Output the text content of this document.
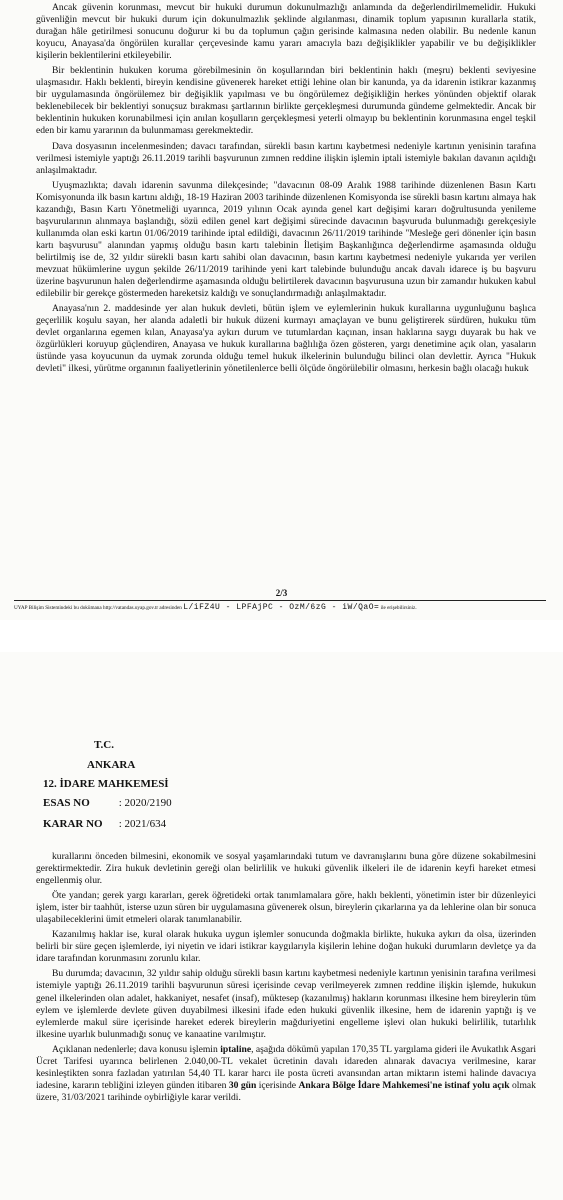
Ancak güvenin korunması, mevcut bir hukuki durumun dokunulmazlığı anlamında da değerlendirilmemelidir. Hukuki güvenliğin mevcut bir hukuki durum için dokunulmazlık şeklinde algılanması, dinamik toplum yapısının kurallarla statik, durağan hâle getirilmesi sonucunu doğurur ki bu da toplumun çağın gerisinde kalmasına neden olabilir. Bu nedenle kanun koyucu, Anayasa'da öngörülen kurallar çerçevesinde kamu yararı amacıyla bazı değişiklikler yapabilir ve bu değişiklikler kişilerin beklentilerini etkileyebilir.

Bir beklentinin hukuken koruma görebilmesinin ön koşullarından biri beklentinin haklı (meşru) beklenti seviyesine ulaşmasıdır. Haklı beklenti, bireyin kendisine güvenerek hareket ettiği lehine olan bir kanunda, ya da idarenin istikrar kazanmış bir uygulamasında öngörülemez bir değişiklik yapılması ve bu öngörülemez değişikliğin herkes yönünden objektif olarak beklenebilecek bir beklentiyi sonuçsuz bırakması şartlarının birlikte gerçekleşmesi durumunda gündeme gelmektedir. Ancak bir beklentinin hukuken korunabilmesi için anılan koşulların gerçekleşmesi yeterli olmayıp bu beklentinin korunmasına engel teşkil eden bir kamu yararının da bulunmaması gerekmektedir.

Dava dosyasının incelenmesinden; davacı tarafından, sürekli basın kartını kaybetmesi nedeniyle kartının yenisinin tarafına verilmesi istemiyle yaptığı 26.11.2019 tarihli başvurunun zımnen reddine ilişkin işlemin iptali istemiyle bakılan davanın açıldığı anlaşılmaktadır.

Uyuşmazlıkta; davalı idarenin savunma dilekçesinde; "davacının 08-09 Aralık 1988 tarihinde düzenlenen Basın Kartı Komisyonunda ilk basın kartını aldığı, 18-19 Haziran 2003 tarihinde düzenlenen Komisyonda ise sürekli basın kartını almaya hak kazandığı, Basın Kartı Yönetmeliği uyarınca, 2019 yılının Ocak ayında genel kart değişimi kararı doğrultusunda yenileme başvurularının alınmaya başlandığı, sözü edilen genel kart değişimi sürecinde davacının başvuruda bulunmadığı gerekçesiyle kullanımda olan eski kartın 01/06/2019 tarihinde iptal edildiği, davacının 26/11/2019 tarihinde "Mesleğe geri dönenler için basın kartı başvurusu" alanından yapmış olduğu basın kartı talebinin İletişim Başkanlığınca değerlendirme aşamasında olduğu belirtilmiş ise de, 32 yıldır sürekli basın kartı sahibi olan davacının, basın kartını kaybetmesi nedeniyle yukarıda yer verilen mevzuat hükümlerine uygun şekilde 26/11/2019 tarihinde yeni kart talebinde bulunduğu ancak davalı idarece iş bu başvuru üzerine başvurunun halen değerlendirme aşamasında olduğu belirtilerek davacının başvurusuna uzun bir zamandır hukuken kabul edilebilir bir gerekçe göstermeden hareketsiz kaldığı ve sonuçlandırmadığı anlaşılmaktadır.

Anayasa'nın 2. maddesinde yer alan hukuk devleti, bütün işlem ve eylemlerinin hukuk kurallarına uygunluğunu başlıca geçerlilik koşulu sayan, her alanda adaletli bir hukuk düzeni kurmayı amaçlayan ve bunu geliştirerek sürdüren, hukuku tüm devlet organlarına egemen kılan, Anayasa'ya aykırı durum ve tutumlardan kaçınan, insan haklarına saygı duyarak bu hak ve özgürlükleri koruyup güçlendiren, Anayasa ve hukuk kurallarına bağlılığa özen gösteren, yargı denetimine açık olan, yasaların üstünde yasa koyucunun da uymak zorunda olduğu temel hukuk ilkelerinin bulunduğu bilinci olan devlettir. Ayrıca "Hukuk devleti" ilkesi, yürütme organının faaliyetlerinin yönetilenlerce belli ölçüde öngörülebilir olmasını, herkesin bağlı olacağı hukuk

2/3
UYAP Bilişim Sistemindeki bu dokümana http://vatandas.uyap.gov.tr adresinden L/iFZ4U - LPFAjPC - OzM/6zG - iW/QaO= ile erişebilirsiniz.
T.C.
ANKARA
12. İDARE MAHKEMESİ
ESAS NO	: 2020/2190
KARAR NO : 2021/634

kurallarını önceden bilmesini, ekonomik ve sosyal yaşamlarındaki tutum ve davranışlarını buna göre düzene sokabilmesini gerektirmektedir. Zira hukuk devletinin gereği olan belirlilik ve hukuki güvenlik ilkeleri ile de idarenin keyfi hareket etmesi engellenmiş olur.

Öte yandan; gerek yargı kararları, gerek öğretideki ortak tanımlamalara göre, haklı beklenti, yönetimin ister bir düzenleyici işlem, ister bir taahhüt, isterse uzun süren bir uygulamasına güvenerek olsun, bireylerin çıkarlarına ya da lehlerine olan bir sonuca ulaşabileceklerini ümit etmeleri olarak tanımlanabilir.

Kazanılmış haklar ise, kural olarak hukuka uygun işlemler sonucunda doğmakla birlikte, hukuka aykırı da olsa, üzerinden belirli bir süre geçen işlemlerde, iyi niyetin ve idari istikrar kaygılarıyla kişilerin lehine doğan hukuki durumların devletçe ya da idare tarafından korunmasını zorunlu kılar.

Bu durumda; davacının, 32 yıldır sahip olduğu sürekli basın kartını kaybetmesi nedeniyle kartının yenisinin tarafına verilmesi istemiyle yaptığı 26.11.2019 tarihli başvurunun süresi içerisinde cevap verilmeyerek zımnen reddine ilişkin işlemde, hukukun genel ilkelerinden olan adalet, hakkaniyet, nesafet (insaf), müktesep (kazanılmış) hakların korunması ilkesine hem bireylerin tüm eylem ve işlemlerde devlete güven duyabilmesi ilkesini ifade eden hukuki güvenlik ilkesine, hem de idarenin yaptığı iş ve eylemlerde makul süre içerisinde hareket ederek bireylerin mağduriyetini engelleme işlevi olan hukuki belirlilik, tutarlılık ilkesine uyarlık bulunmadığı sonuç ve kanaatine varılmıştır.

Açıklanan nedenlerle; dava konusu işlemin iptaline, aşağıda dökümü yapılan 170,35 TL yargılama gideri ile Avukatlık Asgari Ücret Tarifesi uyarınca belirlenen 2.040,00-TL vekalet ücretinin davalı idareden alınarak davacıya verilmesine, karar kesinleştikten sonra fazladan yatırılan 54,40 TL karar harcı ile posta ücreti avansından artan miktarın istemi halinde davacıya iadesine, kararın tebliğini izleyen günden itibaren 30 gün içerisinde Ankara Bölge İdare Mahkemesi'ne istinaf yolu açık olmak üzere, 31/03/2021 tarihinde oybirliğiyle karar verildi.
